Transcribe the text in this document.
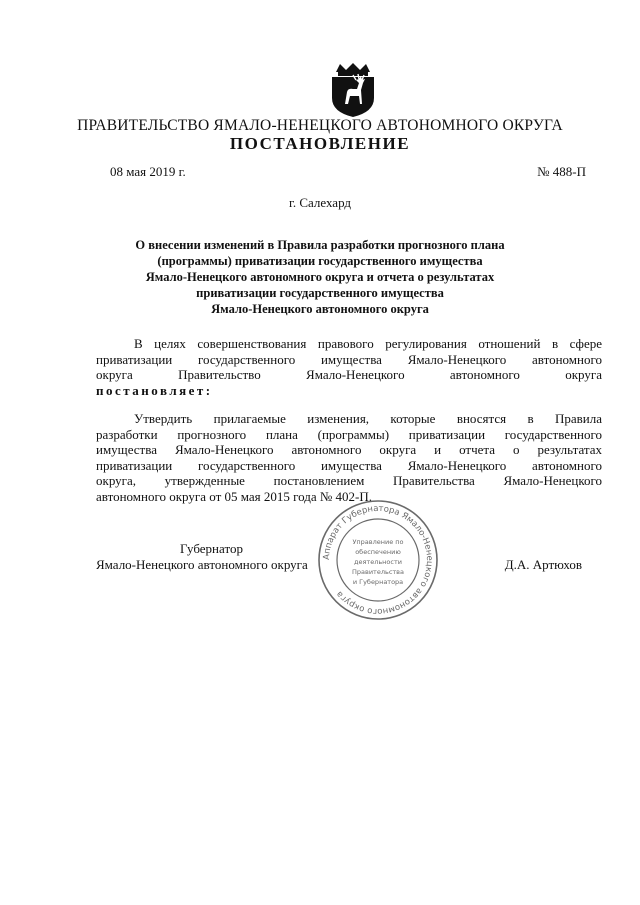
ПРАВИТЕЛЬСТВО ЯМАЛО-НЕНЕЦКОГО АВТОНОМНОГО ОКРУГА
ПОСТАНОВЛЕНИЕ
08 мая 2019 г.	№ 488-П
г. Салехард
О внесении изменений в Правила разработки прогнозного плана
(программы) приватизации государственного имущества
Ямало-Ненецкого автономного округа и отчета о результатах
приватизации государственного имущества
Ямало-Ненецкого автономного округа
В целях совершенствования правового регулирования отношений в сфере
приватизации государственного имущества Ямало-Ненецкого автономного
округа Правительство Ямало-Ненецкого автономного округа
постановляет:
Утвердить прилагаемые изменения, которые вносятся в Правила
разработки прогнозного плана (программы) приватизации государственного
имущества Ямало-Ненецкого автономного округа и отчета о результатах
приватизации государственного имущества Ямало-Ненецкого автономного
округа, утвержденные постановлением Правительства Ямало-Ненецкого
автономного округа от 05 мая 2015 года № 402-П.
Губернатор
Ямало-Ненецкого автономного округа	Д.А. Артюхов
Аппарат Губернатора Ямало-Ненецкого автономного округа
Управление по
обеспечению
деятельности
Правительства
и Губернатора
